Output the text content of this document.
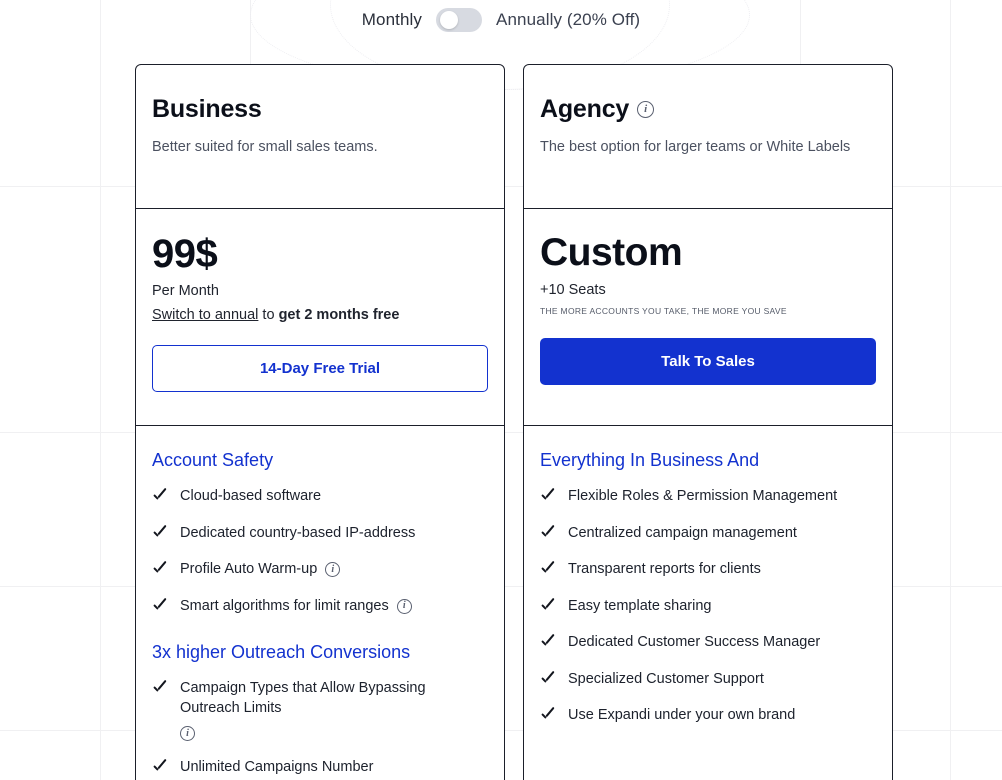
Monthly	Annually (20% Off)
Business

Better suited for small sales teams.

99$
Per Month
Switch to annual to get 2 months free
14-Day Free Trial
Account Safety
Cloud-based software
Dedicated country-based IP-address
Profile Auto Warm-up	i
Smart algorithms for limit ranges	i
3x higher Outreach Conversions
Campaign Types that Allow Bypassing Outreach Limits
i
Unlimited Campaigns Number
Agency	i

The best option for larger teams or White Labels

Custom
+10 Seats
THE MORE ACCOUNTS YOU TAKE, THE MORE YOU SAVE
Talk To Sales
Everything In Business And
Flexible Roles & Permission Management
Centralized campaign management
Transparent reports for clients
Easy template sharing
Dedicated Customer Success Manager
Specialized Customer Support
Use Expandi under your own brand
